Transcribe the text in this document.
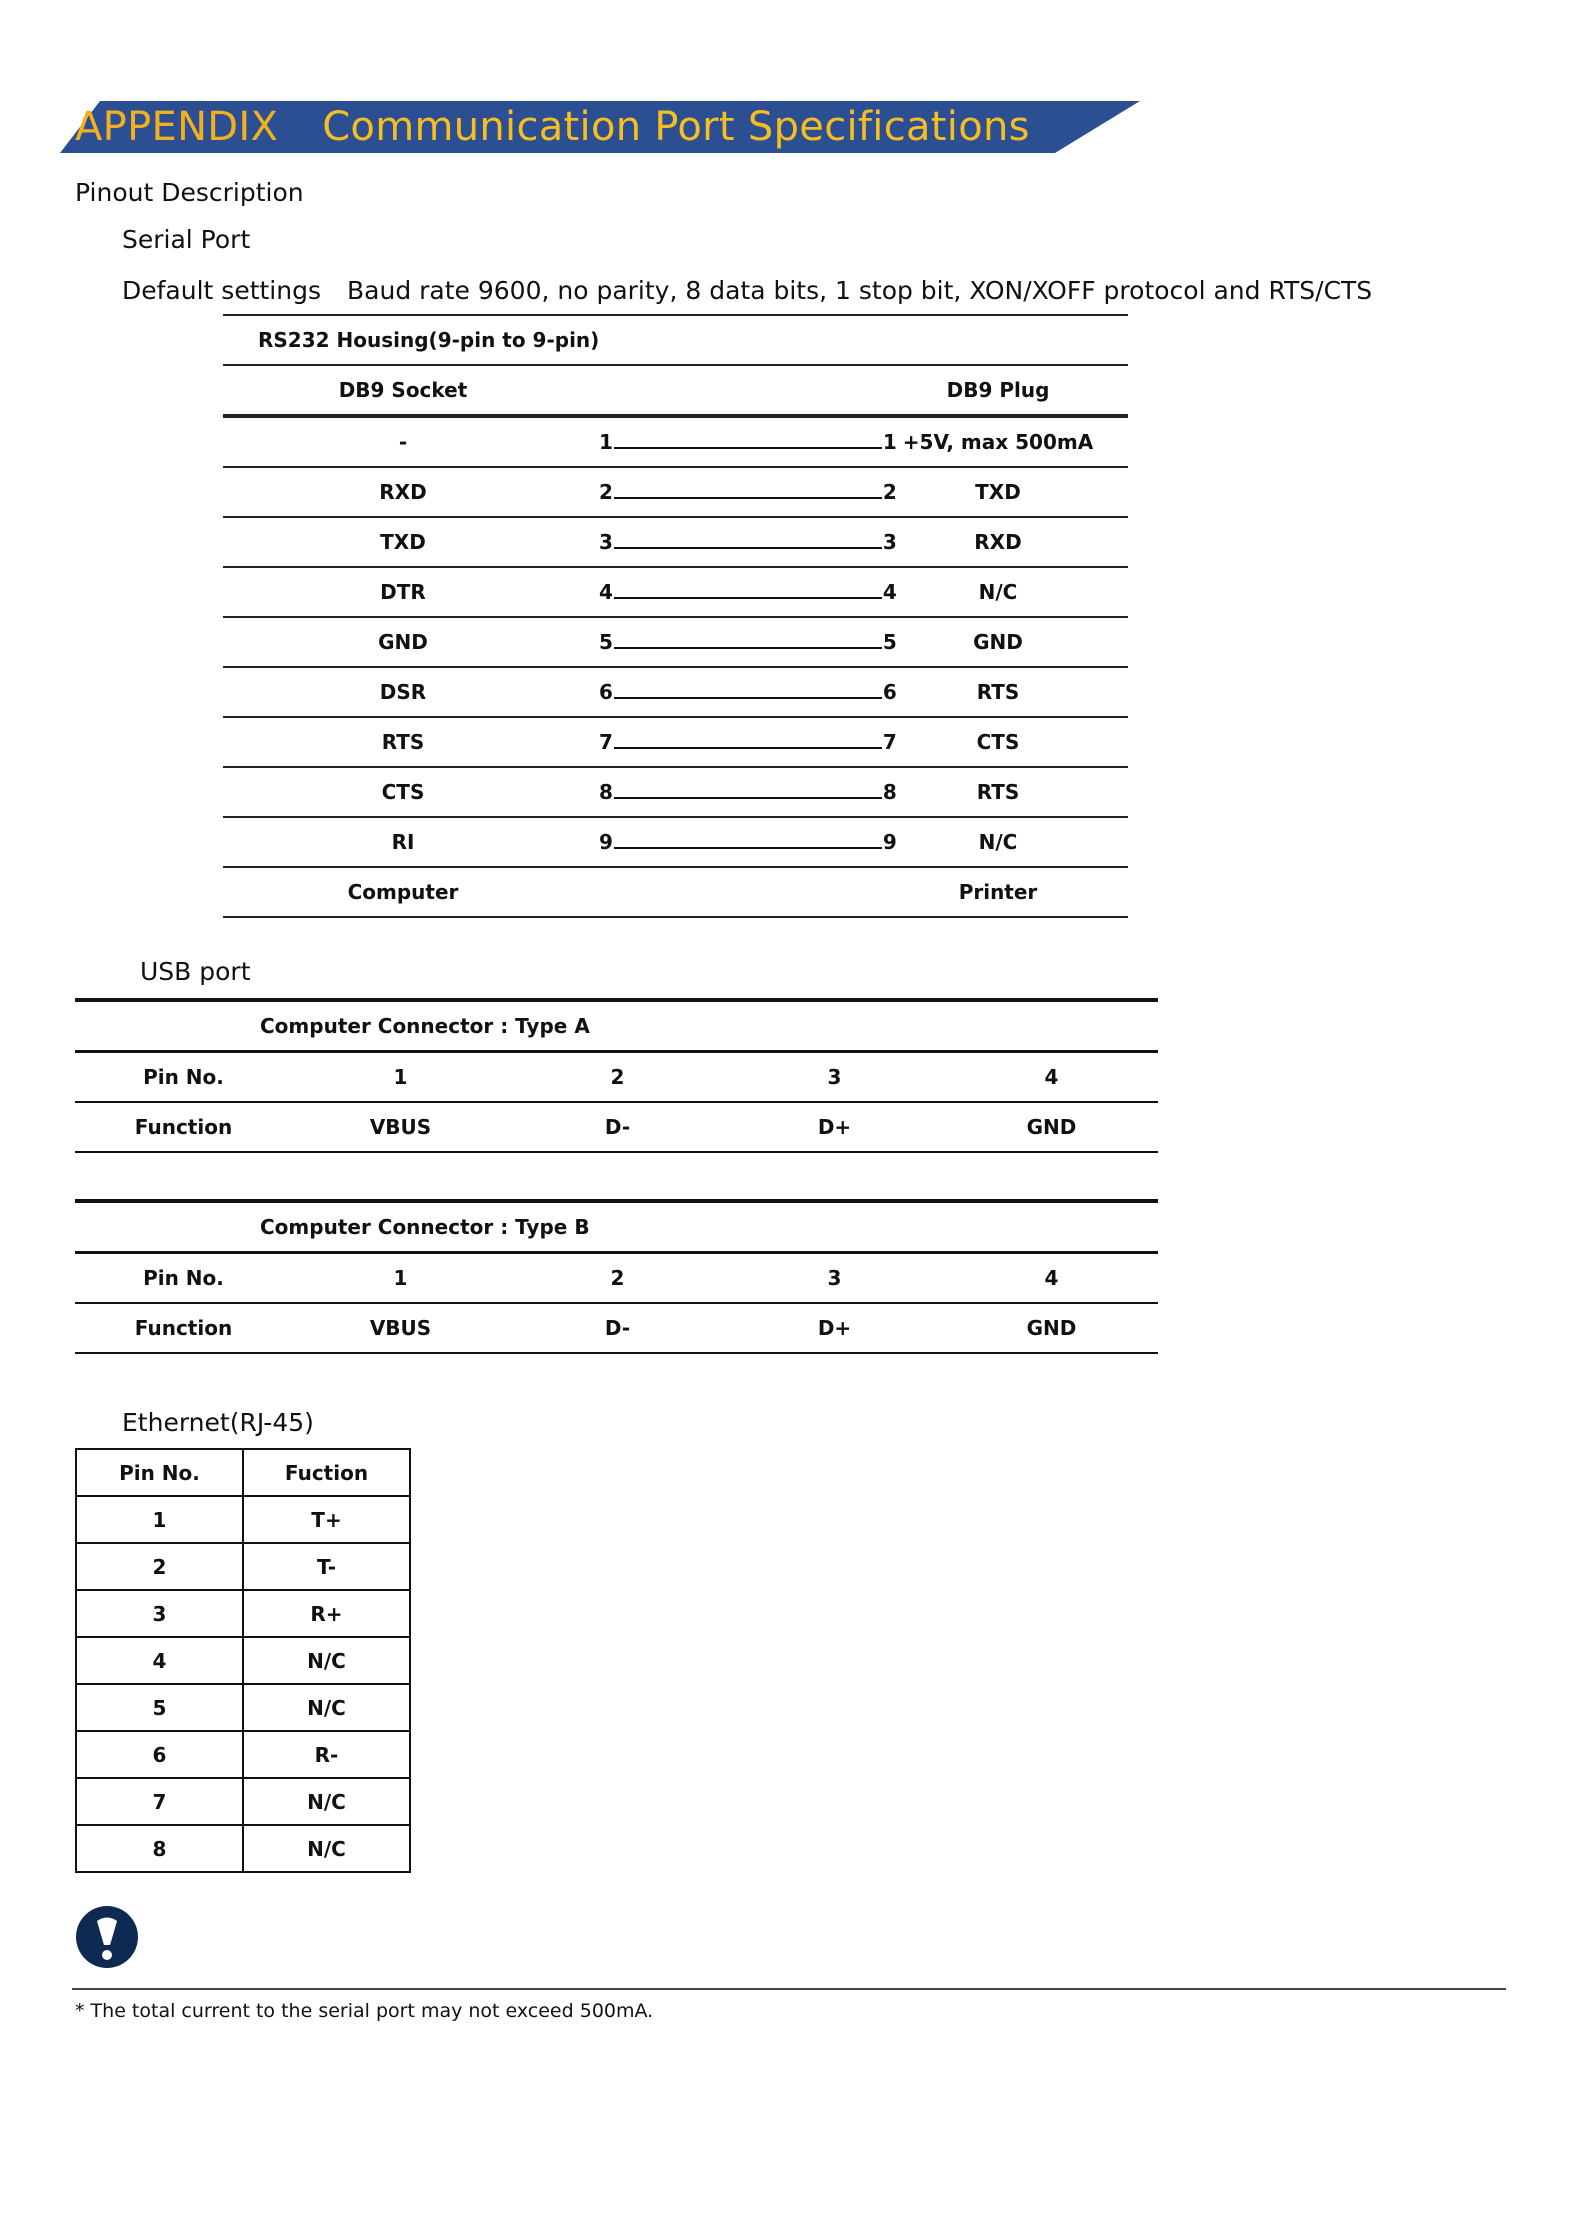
APPENDIX Communication Port Specifications
Pinout Description
Serial Port
Default settings Baud rate 9600, no parity, 8 data bits, 1 stop bit, XON/XOFF protocol and RTS/CTS
RS232 Housing(9-pin to 9-pin)
DB9 Socket	DB9 Plug
-	1	1 +5V, max 500mA
RXD	2	2	TXD
TXD	3	3	RXD
DTR	4	4	N/C
GND	5	5	GND
DSR	6	6	RTS
RTS	7	7	CTS
CTS	8	8	RTS
RI	9	9	N/C
Computer	Printer
USB port
Computer Connector : Type A
Pin No.	1	2	3	4
Function	VBUS	D-	D+	GND
Computer Connector : Type B
Pin No.	1	2	3	4
Function	VBUS	D-	D+	GND
Ethernet(RJ-45)
Pin No.	Fuction
1	T+
2	T-
3	R+
4	N/C
5	N/C
6	R-
7	N/C
8	N/C
* The total current to the serial port may not exceed 500mA.
